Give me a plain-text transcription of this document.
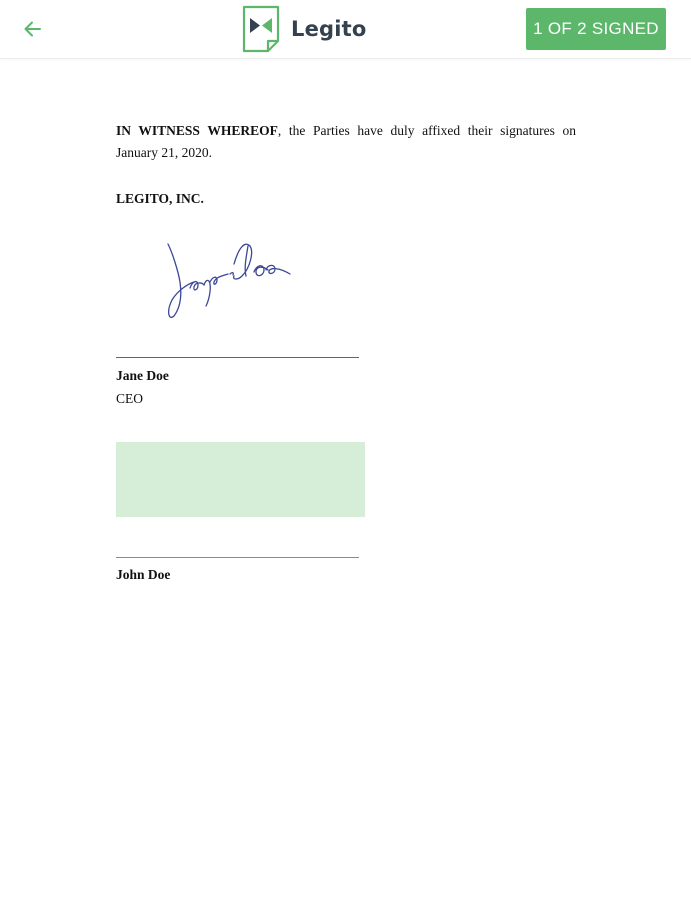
Legito	1 OF 2 SIGNED

IN WITNESS WHEREOF, the Parties have duly affixed their signatures on January 21, 2020.

LEGITO, INC.
Jane Doe
CEO
John Doe
